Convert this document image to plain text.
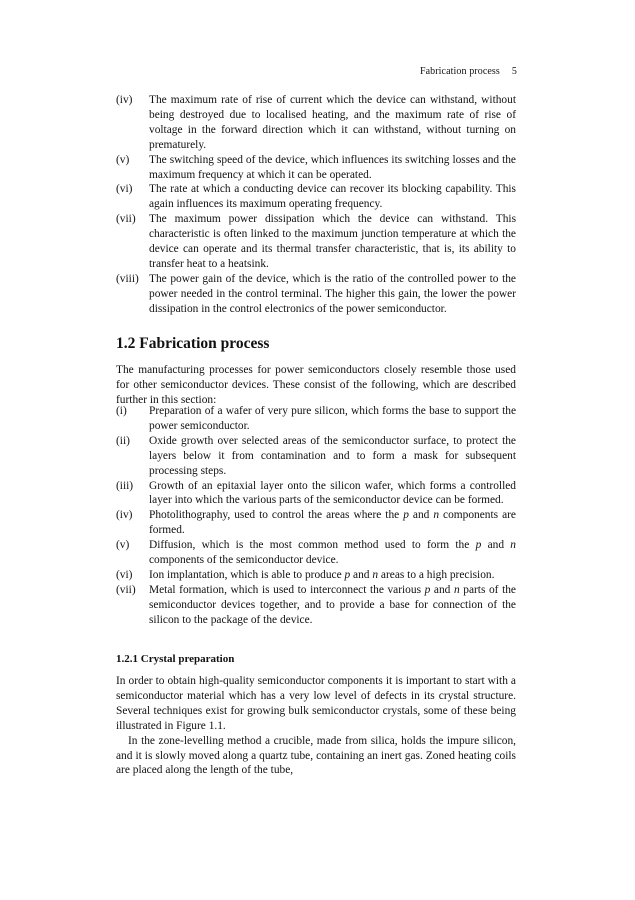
Fabrication process 5
(iv) The maximum rate of rise of current which the device can withstand, without being destroyed due to localised heating, and the maximum rate of rise of voltage in the forward direction which it can withstand, without turning on prematurely.
(v) The switching speed of the device, which influences its switching losses and the maximum frequency at which it can be operated.
(vi) The rate at which a conducting device can recover its blocking capability. This again influences its maximum operating frequency.
(vii) The maximum power dissipation which the device can withstand. This characteristic is often linked to the maximum junction temperature at which the device can operate and its thermal transfer characteristic, that is, its ability to transfer heat to a heatsink.
(viii) The power gain of the device, which is the ratio of the controlled power to the power needed in the control terminal. The higher this gain, the lower the power dissipation in the control electronics of the power semiconductor.
1.2 Fabrication process

The manufacturing processes for power semiconductors closely resemble those used for other semiconductor devices. These consist of the following, which are described further in this section:

(i) Preparation of a wafer of very pure silicon, which forms the base to support the power semiconductor.
(ii) Oxide growth over selected areas of the semiconductor surface, to protect the layers below it from contamination and to form a mask for subsequent processing steps.
(iii) Growth of an epitaxial layer onto the silicon wafer, which forms a controlled layer into which the various parts of the semiconductor device can be formed.
(iv) Photolithography, used to control the areas where the p and n components are formed.
(v) Diffusion, which is the most common method used to form the p and n components of the semiconductor device.
(vi) Ion implantation, which is able to produce p and n areas to a high precision.
(vii) Metal formation, which is used to interconnect the various p and n parts of the semiconductor devices together, and to provide a base for connection of the silicon to the package of the device.
1.2.1 Crystal preparation

In order to obtain high-quality semiconductor components it is important to start with a semiconductor material which has a very low level of defects in its crystal structure. Several techniques exist for growing bulk semiconductor crystals, some of these being illustrated in Figure 1.1.

In the zone-levelling method a crucible, made from silica, holds the impure silicon, and it is slowly moved along a quartz tube, containing an inert gas. Zoned heating coils are placed along the length of the tube,
